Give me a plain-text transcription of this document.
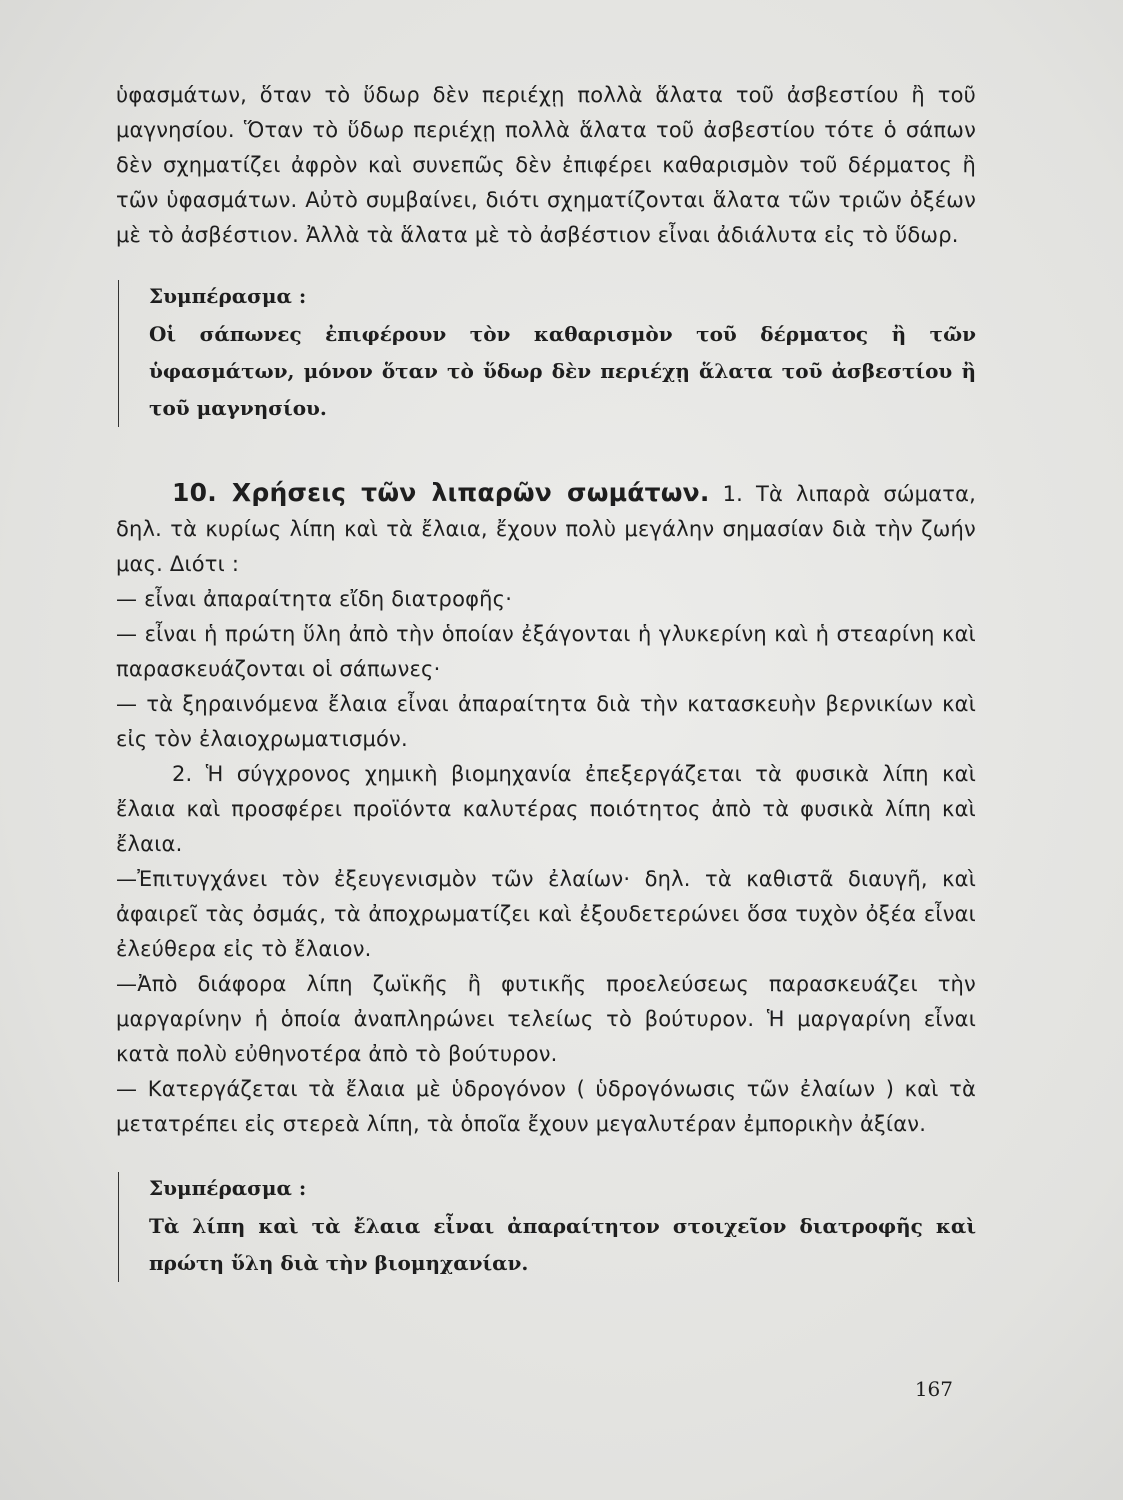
ὑφασμάτων, ὅταν τὸ ὕδωρ δὲν περιέχῃ πολλὰ ἅλατα τοῦ ἀσβεστίου ἢ τοῦ μαγνησίου. Ὅταν τὸ ὕδωρ περιέχῃ πολλὰ ἅλατα τοῦ ἀσβεστίου τότε ὁ σάπων δὲν σχηματίζει ἀφρὸν καὶ συνεπῶς δὲν ἐπιφέρει καθαρισμὸν τοῦ δέρματος ἢ τῶν ὑφασμάτων. Αὐτὸ συμβαίνει, διότι σχηματίζονται ἅλατα τῶν τριῶν ὀξέων μὲ τὸ ἀσβέστιον. Ἀλλὰ τὰ ἅλατα μὲ τὸ ἀσβέστιον εἶναι ἀδιάλυτα εἰς τὸ ὕδωρ.

Συμπέρασμα :

Οἱ σάπωνες ἐπιφέρουν τὸν καθαρισμὸν τοῦ δέρματος ἢ τῶν ὑφασμάτων, μόνον ὅταν τὸ ὕδωρ δὲν περιέχῃ ἅλατα τοῦ ἀσβεστίου ἢ τοῦ μαγνησίου.

10. Χρήσεις τῶν λιπαρῶν σωμάτων. 1. Τὰ λιπαρὰ σώματα, δηλ. τὰ κυρίως λίπη καὶ τὰ ἔλαια, ἔχουν πολὺ μεγάλην σημασίαν διὰ τὴν ζωήν μας. Διότι :

— εἶναι ἀπαραίτητα εἴδη διατροφῆς·

— εἶναι ἡ πρώτη ὕλη ἀπὸ τὴν ὁποίαν ἐξάγονται ἡ γλυκερίνη καὶ ἡ στεαρίνη καὶ παρασκευάζονται οἱ σάπωνες·

— τὰ ξηραινόμενα ἔλαια εἶναι ἀπαραίτητα διὰ τὴν κατασκευὴν βερνικίων καὶ εἰς τὸν ἐλαιοχρωματισμόν.

2. Ἡ σύγχρονος χημικὴ βιομηχανία ἐπεξεργάζεται τὰ φυσικὰ λίπη καὶ ἔλαια καὶ προσφέρει προϊόντα καλυτέρας ποιότητος ἀπὸ τὰ φυσικὰ λίπη καὶ ἔλαια.

—Ἐπιτυγχάνει τὸν ἐξευγενισμὸν τῶν ἐλαίων· δηλ. τὰ καθιστᾶ διαυγῆ, καὶ ἀφαιρεῖ τὰς ὀσμάς, τὰ ἀποχρωματίζει καὶ ἐξουδετερώνει ὅσα τυχὸν ὀξέα εἶναι ἐλεύθερα εἰς τὸ ἔλαιον.

—Ἀπὸ διάφορα λίπη ζωϊκῆς ἢ φυτικῆς προελεύσεως παρασκευάζει τὴν μαργαρίνην ἡ ὁποία ἀναπληρώνει τελείως τὸ βούτυρον. Ἡ μαργαρίνη εἶναι κατὰ πολὺ εὐθηνοτέρα ἀπὸ τὸ βούτυρον.

— Κατεργάζεται τὰ ἔλαια μὲ ὑδρογόνον ( ὑδρογόνωσις τῶν ἐλαίων ) καὶ τὰ μετατρέπει εἰς στερεὰ λίπη, τὰ ὁποῖα ἔχουν μεγαλυτέραν ἐμπορικὴν ἀξίαν.

Συμπέρασμα :

Τὰ λίπη καὶ τὰ ἔλαια εἶναι ἀπαραίτητον στοιχεῖον διατροφῆς καὶ πρώτη ὕλη διὰ τὴν βιομηχανίαν.

167
